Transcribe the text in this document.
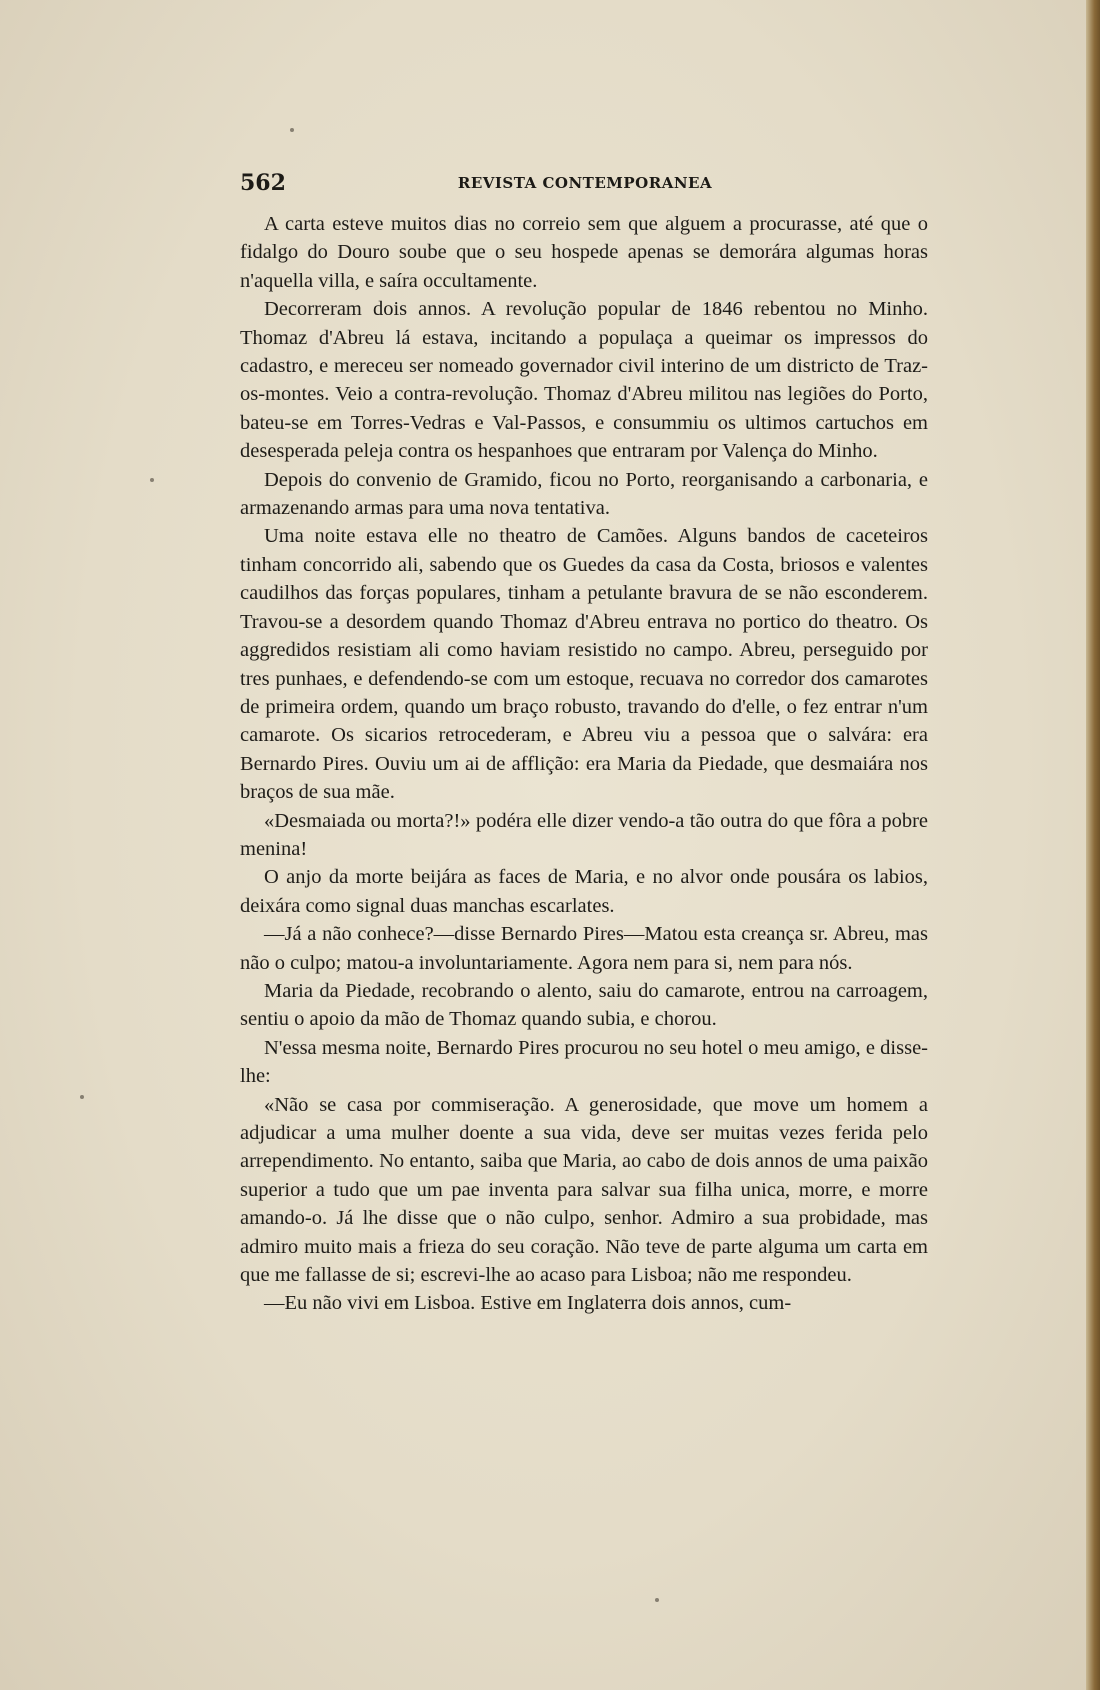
562	REVISTA CONTEMPORANEA

A carta esteve muitos dias no correio sem que alguem a procurasse, até que o fidalgo do Douro soube que o seu hospede apenas se demorára algumas horas n'aquella villa, e saíra occultamente.

Decorreram dois annos. A revolução popular de 1846 rebentou no Minho. Thomaz d'Abreu lá estava, incitando a populaça a queimar os impressos do cadastro, e mereceu ser nomeado governador civil interino de um districto de Traz-os-montes. Veio a contra-revolução. Thomaz d'Abreu militou nas legiões do Porto, bateu-se em Torres-Vedras e Val-Passos, e consummiu os ultimos cartuchos em desesperada peleja contra os hespanhoes que entraram por Valença do Minho.

Depois do convenio de Gramido, ficou no Porto, reorganisando a carbonaria, e armazenando armas para uma nova tentativa.

Uma noite estava elle no theatro de Camões. Alguns bandos de caceteiros tinham concorrido ali, sabendo que os Guedes da casa da Costa, briosos e valentes caudilhos das forças populares, tinham a petulante bravura de se não esconderem. Travou-se a desordem quando Thomaz d'Abreu entrava no portico do theatro. Os aggredidos resistiam ali como haviam resistido no campo. Abreu, perseguido por tres punhaes, e defendendo-se com um estoque, recuava no corredor dos camarotes de primeira ordem, quando um braço robusto, travando do d'elle, o fez entrar n'um camarote. Os sicarios retrocederam, e Abreu viu a pessoa que o salvára: era Bernardo Pires. Ouviu um ai de afflição: era Maria da Piedade, que desmaiára nos braços de sua mãe.

«Desmaiada ou morta?!» podéra elle dizer vendo-a tão outra do que fôra a pobre menina!

O anjo da morte beijára as faces de Maria, e no alvor onde pousára os labios, deixára como signal duas manchas escarlates.

—Já a não conhece?—disse Bernardo Pires—Matou esta creança sr. Abreu, mas não o culpo; matou-a involuntariamente. Agora nem para si, nem para nós.

Maria da Piedade, recobrando o alento, saiu do camarote, entrou na carroagem, sentiu o apoio da mão de Thomaz quando subia, e chorou.

N'essa mesma noite, Bernardo Pires procurou no seu hotel o meu amigo, e disse-lhe:

«Não se casa por commiseração. A generosidade, que move um homem a adjudicar a uma mulher doente a sua vida, deve ser muitas vezes ferida pelo arrependimento. No entanto, saiba que Maria, ao cabo de dois annos de uma paixão superior a tudo que um pae inventa para salvar sua filha unica, morre, e morre amando-o. Já lhe disse que o não culpo, senhor. Admiro a sua probidade, mas admiro muito mais a frieza do seu coração. Não teve de parte alguma um carta em que me fallasse de si; escrevi-lhe ao acaso para Lisboa; não me respondeu.

—Eu não vivi em Lisboa. Estive em Inglaterra dois annos, cum-
